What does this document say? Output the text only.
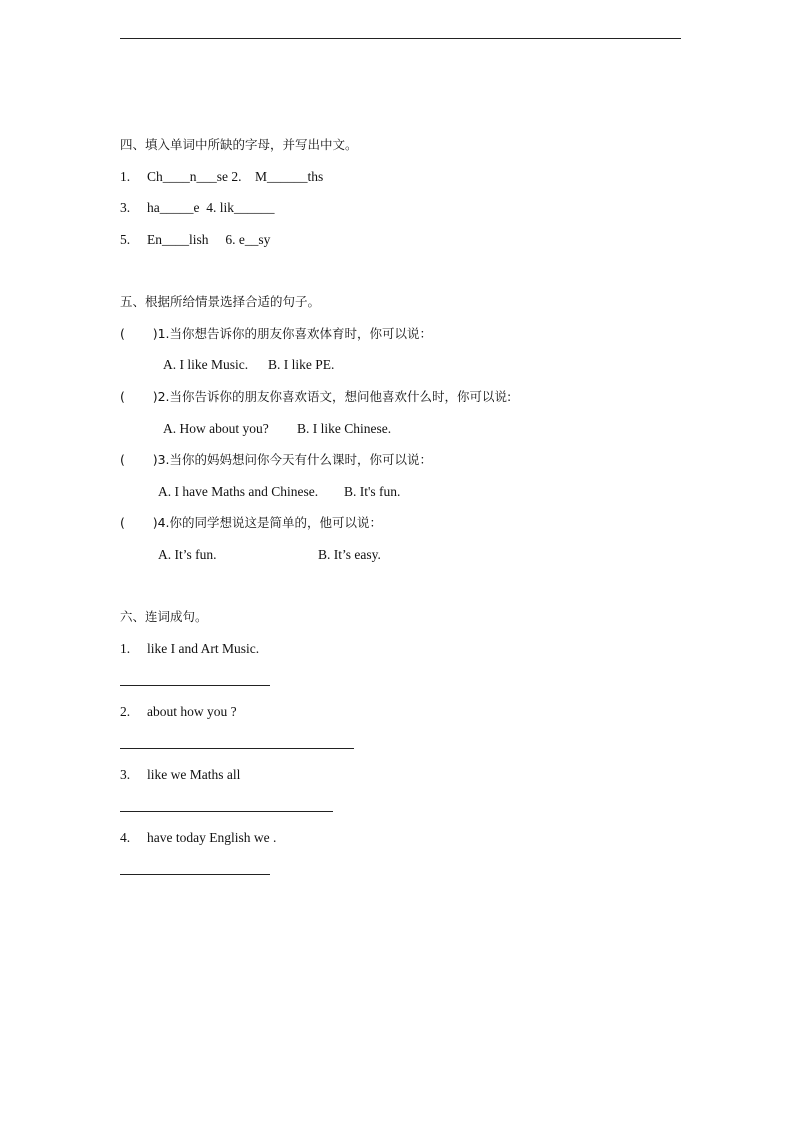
四、填入单词中所缺的字母，并写出中文。
1. Ch____n___se 2.    M______ths
3. ha_____e  4. lik______
5. En____lish     6. e__sy
五、根据所给情景选择合适的句子。
(       )1.当你想告诉你的朋友你喜欢体育时，你可以说：
A. I like Music. B. I like PE.
(       )2.当你告诉你的朋友你喜欢语文，想问他喜欢什么时，你可以说:
A. How about you? B. I like Chinese.
(       )3.当你的妈妈想问你今天有什么课时，你可以说：
A. I have Maths and Chinese. B. It's fun.
(       )4.你的同学想说这是简单的，他可以说：
A. It’s fun.	B. It’s easy.
六、连词成句。
1. like I and Art Music.
2. about how you ?
3. like we Maths all
4. have today English we .
